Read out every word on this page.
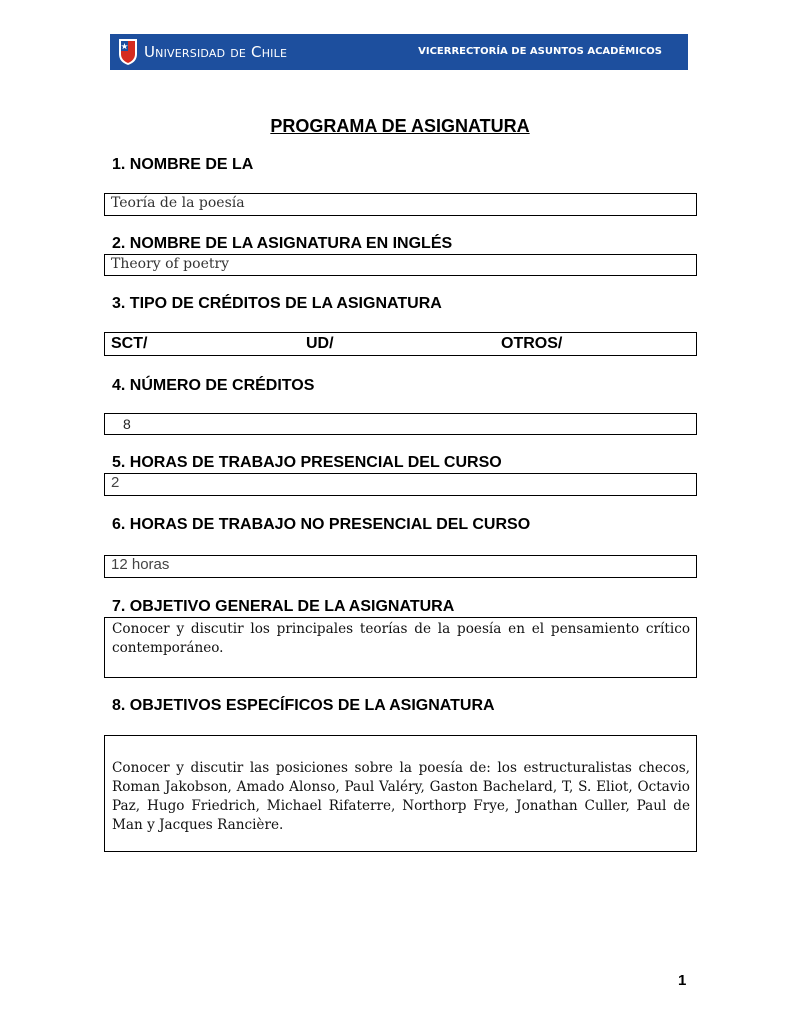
Universidad de Chile	VICERRECTORÍA DE ASUNTOS ACADÉMICOS
PROGRAMA DE ASIGNATURA
1. NOMBRE DE LA
Teoría de la poesía
2. NOMBRE DE LA ASIGNATURA EN INGLÉS
Theory of poetry
3. TIPO DE CRÉDITOS DE LA ASIGNATURA
SCT/	UD/	OTROS/
4. NÚMERO DE CRÉDITOS
8
5. HORAS DE TRABAJO PRESENCIAL DEL CURSO
2
6. HORAS DE TRABAJO NO PRESENCIAL DEL CURSO
12 horas
7. OBJETIVO GENERAL DE LA ASIGNATURA
Conocer y discutir los principales teorías de la poesía en el pensamiento crítico contemporáneo.
8. OBJETIVOS ESPECÍFICOS DE LA ASIGNATURA
Conocer y discutir las posiciones sobre la poesía de: los estructuralistas checos, Roman Jakobson, Amado Alonso, Paul Valéry, Gaston Bachelard, T, S. Eliot, Octavio Paz, Hugo Friedrich, Michael Rifaterre, Northorp Frye, Jonathan Culler, Paul de Man y Jacques Rancière.
1
